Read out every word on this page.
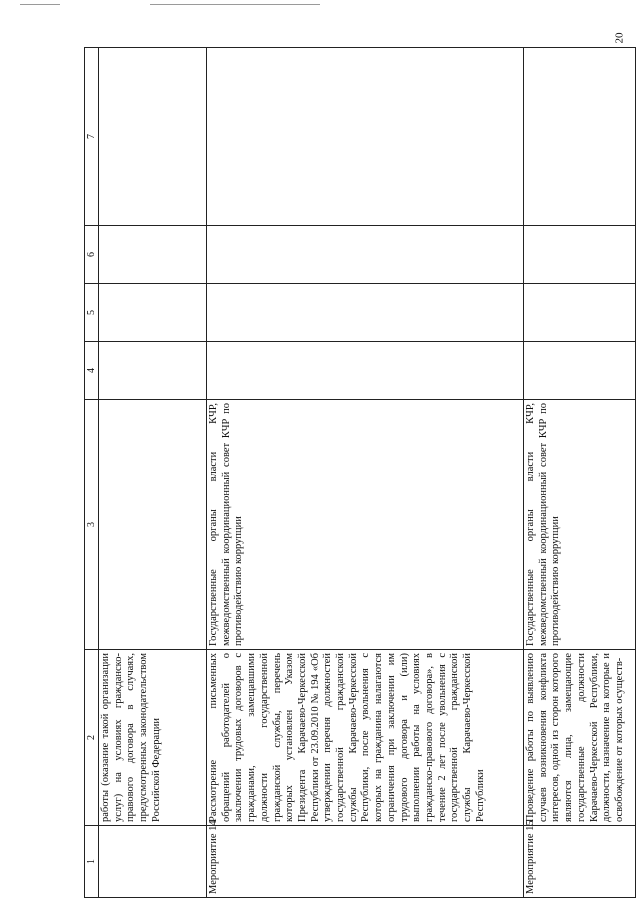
20
1	2	3	4	5	6	7
	работы (оказание такой организации услуг) на условиях гражданско-правового договора в случаях, предусмотренных законодательством Российской Федерации					
Мероприятие 14	Рассмотрение письменных обращений работодателей о заключении трудовых договоров с гражданами, замещавшими должности государственной гражданской службы, перечень которых установлен Указом Президента Карачаево-Черкесской Республики от 23.09.2010 № 194 «Об утверждении перечня должностей государственной гражданской службы Карачаево-Черкесской Республики, после увольнения с которых на гражданина налагаются ограничения при заключении им трудового договора и (или) выполнении работы на условиях гражданско-правового договора», в течение 2 лет после увольнения с государственной гражданской службы Карачаево-Черкесской Республики	Государственные органы власти КЧР, межведомственный координационный совет КЧР по противодействию коррупции				
Мероприятие 15	Проведение работы по выявлению случаев возникновения конфликта интересов, одной из сторон которого являются лица, замещающие государственные должности Карачаево-Черкесской Республики, должности, назначение на которые и освобождение от которых осуществ-	Государственные органы власти КЧР, межведомственный координационный совет КЧР по противодействию коррупции				
